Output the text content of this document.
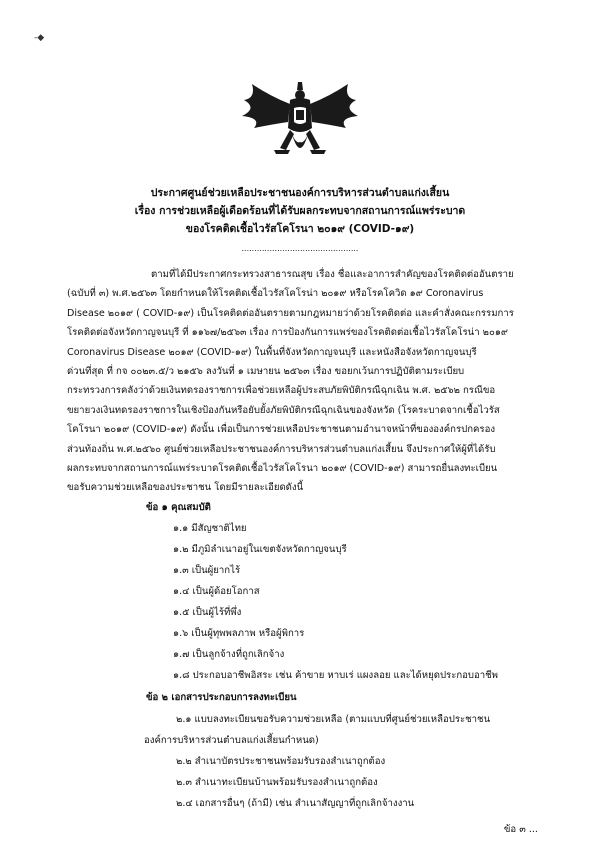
-◆
ประกาศศูนย์ช่วยเหลือประชาชนองค์การบริหารส่วนตำบลแก่งเสี้ยน
เรื่อง การช่วยเหลือผู้เดือดร้อนที่ได้รับผลกระทบจากสถานการณ์แพร่ระบาด
ของโรคติดเชื้อไวรัสโคโรนา ๒๐๑๙ (COVID-๑๙)
..............................................

ตามที่ได้มีประกาศกระทรวงสาธารณสุข เรื่อง ชื่อและอาการสำคัญของโรคติดต่ออันตราย

(ฉบับที่ ๓) พ.ศ.๒๕๖๓ โดยกำหนดให้โรคติดเชื้อไวรัสโคโรน่า ๒๐๑๙ หรือโรคโควิด ๑๙ Coronavirus

Disease ๒๐๑๙ ( COVID-๑๙) เป็นโรคติดต่ออันตรายตามกฎหมายว่าด้วยโรคติดต่อ และคำสั่งคณะกรรมการ

โรคติดต่อจังหวัดกาญจนบุรี ที่ ๑๑๖๗/๒๕๖๓ เรื่อง การป้องกันการแพร่ของโรคติดต่อเชื้อไวรัสโคโรน่า ๒๐๑๙

Coronavirus Disease ๒๐๑๙ (COVID-๑๙) ในพื้นที่จังหวัดกาญจนบุรี และหนังสือจังหวัดกาญจนบุรี

ด่วนที่สุด ที่ กจ ๐๐๒๓.๕/ว ๒๑๕๖ ลงวันที่ ๑ เมษายน ๒๕๖๓ เรื่อง ขอยกเว้นการปฏิบัติตามระเบียบ

กระทรวงการคลังว่าด้วยเงินทดรองราชการเพื่อช่วยเหลือผู้ประสบภัยพิบัติกรณีฉุกเฉิน พ.ศ. ๒๕๖๒ กรณีขอ

ขยายวงเงินทดรองราชการในเชิงป้องกันหรือยับยั้งภัยพิบัติกรณีฉุกเฉินของจังหวัด (โรคระบาดจากเชื้อไวรัส

โคโรนา ๒๐๑๙ (COVID-๑๙) ดังนั้น เพื่อเป็นการช่วยเหลือประชาชนตามอำนาจหน้าที่ขององค์กรปกครอง

ส่วนท้องถิ่น พ.ศ.๒๕๖๐ ศูนย์ช่วยเหลือประชาชนองค์การบริหารส่วนตำบลแก่งเสี้ยน จึงประกาศให้ผู้ที่ได้รับ

ผลกระทบจากสถานการณ์แพร่ระบาดโรคติดเชื้อไวรัสโคโรนา ๒๐๑๙ (COVID-๑๙) สามารถยื่นลงทะเบียน

ขอรับความช่วยเหลือของประชาชน โดยมีรายละเอียดดังนี้

ข้อ ๑ คุณสมบัติ
๑.๑ มีสัญชาติไทย
๑.๒ มีภูมิลำเนาอยู่ในเขตจังหวัดกาญจนบุรี
๑.๓ เป็นผู้ยากไร้
๑.๔ เป็นผู้ด้อยโอกาส
๑.๕ เป็นผู้ไร้ที่พึ่ง
๑.๖ เป็นผู้ทุพพลภาพ หรือผู้พิการ
๑.๗ เป็นลูกจ้างที่ถูกเลิกจ้าง
๑.๘ ประกอบอาชีพอิสระ เช่น ค้าขาย หาบเร่ แผงลอย และได้หยุดประกอบอาชีพ
ข้อ ๒ เอกสารประกอบการลงทะเบียน
๒.๑ แบบลงทะเบียนขอรับความช่วยเหลือ (ตามแบบที่ศูนย์ช่วยเหลือประชาชน
องค์การบริหารส่วนตำบลแก่งเสี้ยนกำหนด)
๒.๒ สำเนาบัตรประชาชนพร้อมรับรองสำเนาถูกต้อง
๒.๓ สำเนาทะเบียนบ้านพร้อมรับรองสำเนาถูกต้อง
๒.๔ เอกสารอื่นๆ (ถ้ามี) เช่น สำเนาสัญญาที่ถูกเลิกจ้างงาน
ข้อ ๓ ...
